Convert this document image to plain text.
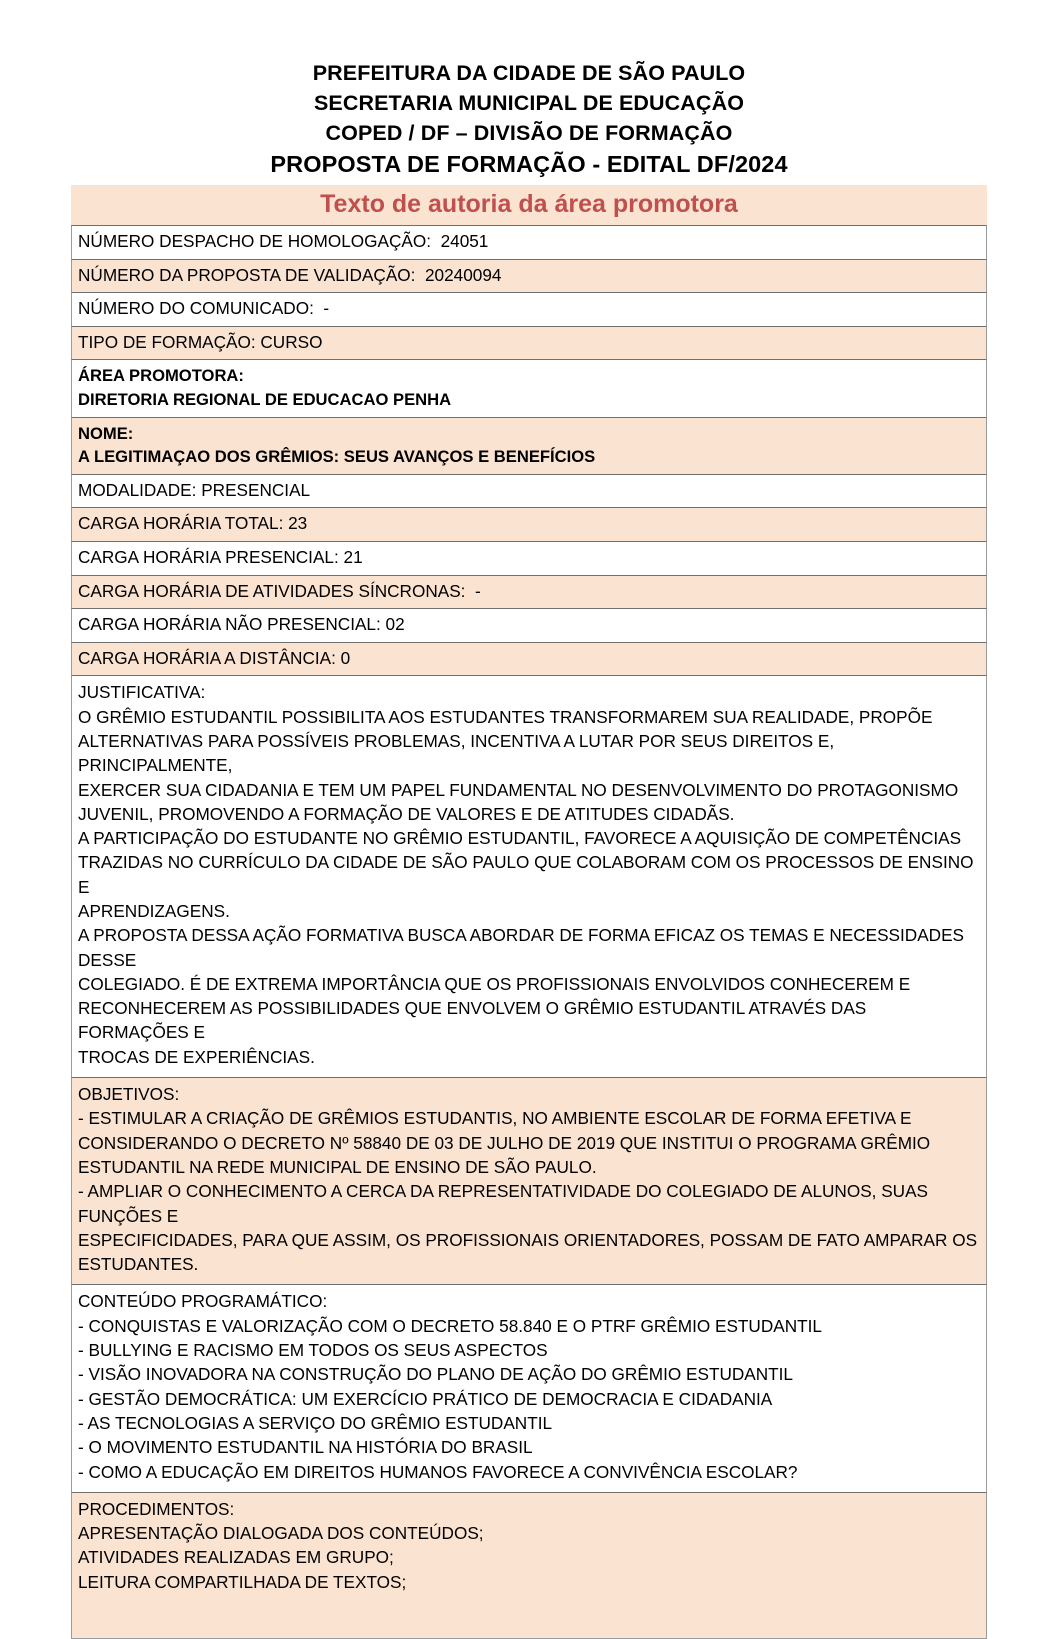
PREFEITURA DA CIDADE DE SÃO PAULO
SECRETARIA MUNICIPAL DE EDUCAÇÃO
COPED / DF – DIVISÃO DE FORMAÇÃO
PROPOSTA DE FORMAÇÃO - EDITAL DF/2024
Texto de autoria da área promotora
NÚMERO DESPACHO DE HOMOLOGAÇÃO:  24051
NÚMERO DA PROPOSTA DE VALIDAÇÃO:  20240094
NÚMERO DO COMUNICADO:  -
TIPO DE FORMAÇÃO: CURSO
ÁREA PROMOTORA:
DIRETORIA REGIONAL DE EDUCACAO PENHA
NOME:
A LEGITIMAÇAO DOS GRÊMIOS: SEUS AVANÇOS E BENEFÍCIOS
MODALIDADE: PRESENCIAL
CARGA HORÁRIA TOTAL: 23
CARGA HORÁRIA PRESENCIAL: 21
CARGA HORÁRIA DE ATIVIDADES SÍNCRONAS:  -
CARGA HORÁRIA NÃO PRESENCIAL: 02
CARGA HORÁRIA A DISTÂNCIA: 0
JUSTIFICATIVA:
O GRÊMIO ESTUDANTIL POSSIBILITA AOS ESTUDANTES TRANSFORMAREM SUA REALIDADE, PROPÕE
ALTERNATIVAS PARA POSSÍVEIS PROBLEMAS, INCENTIVA A LUTAR POR SEUS DIREITOS E, PRINCIPALMENTE,
EXERCER SUA CIDADANIA E TEM UM PAPEL FUNDAMENTAL NO DESENVOLVIMENTO DO PROTAGONISMO
JUVENIL, PROMOVENDO A FORMAÇÃO DE VALORES E DE ATITUDES CIDADÃS.
A PARTICIPAÇÃO DO ESTUDANTE NO GRÊMIO ESTUDANTIL, FAVORECE A AQUISIÇÃO DE COMPETÊNCIAS
TRAZIDAS NO CURRÍCULO DA CIDADE DE SÃO PAULO QUE COLABORAM COM OS PROCESSOS DE ENSINO E
APRENDIZAGENS.
A PROPOSTA DESSA AÇÃO FORMATIVA BUSCA ABORDAR DE FORMA EFICAZ OS TEMAS E NECESSIDADES DESSE
COLEGIADO. É DE EXTREMA IMPORTÂNCIA QUE OS PROFISSIONAIS ENVOLVIDOS CONHECEREM E
RECONHECEREM AS POSSIBILIDADES QUE ENVOLVEM O GRÊMIO ESTUDANTIL ATRAVÉS DAS FORMAÇÕES E
TROCAS DE EXPERIÊNCIAS.
OBJETIVOS:
- ESTIMULAR A CRIAÇÃO DE GRÊMIOS ESTUDANTIS, NO AMBIENTE ESCOLAR DE FORMA EFETIVA E
CONSIDERANDO O DECRETO Nº 58840 DE 03 DE JULHO DE 2019 QUE INSTITUI O PROGRAMA GRÊMIO
ESTUDANTIL NA REDE MUNICIPAL DE ENSINO DE SÃO PAULO.
- AMPLIAR O CONHECIMENTO A CERCA DA REPRESENTATIVIDADE DO COLEGIADO DE ALUNOS, SUAS FUNÇÕES E
ESPECIFICIDADES, PARA QUE ASSIM, OS PROFISSIONAIS ORIENTADORES, POSSAM DE FATO AMPARAR OS
ESTUDANTES.
CONTEÚDO PROGRAMÁTICO:
- CONQUISTAS E VALORIZAÇÃO COM O DECRETO 58.840 E O PTRF GRÊMIO ESTUDANTIL
- BULLYING E RACISMO EM TODOS OS SEUS ASPECTOS
- VISÃO INOVADORA NA CONSTRUÇÃO DO PLANO DE AÇÃO DO GRÊMIO ESTUDANTIL
- GESTÃO DEMOCRÁTICA: UM EXERCÍCIO PRÁTICO DE DEMOCRACIA E CIDADANIA
- AS TECNOLOGIAS A SERVIÇO DO GRÊMIO ESTUDANTIL
- O MOVIMENTO ESTUDANTIL NA HISTÓRIA DO BRASIL
- COMO A EDUCAÇÃO EM DIREITOS HUMANOS FAVORECE A CONVIVÊNCIA ESCOLAR?
PROCEDIMENTOS:
APRESENTAÇÃO DIALOGADA DOS CONTEÚDOS;
ATIVIDADES REALIZADAS EM GRUPO;
LEITURA COMPARTILHADA DE TEXTOS;
